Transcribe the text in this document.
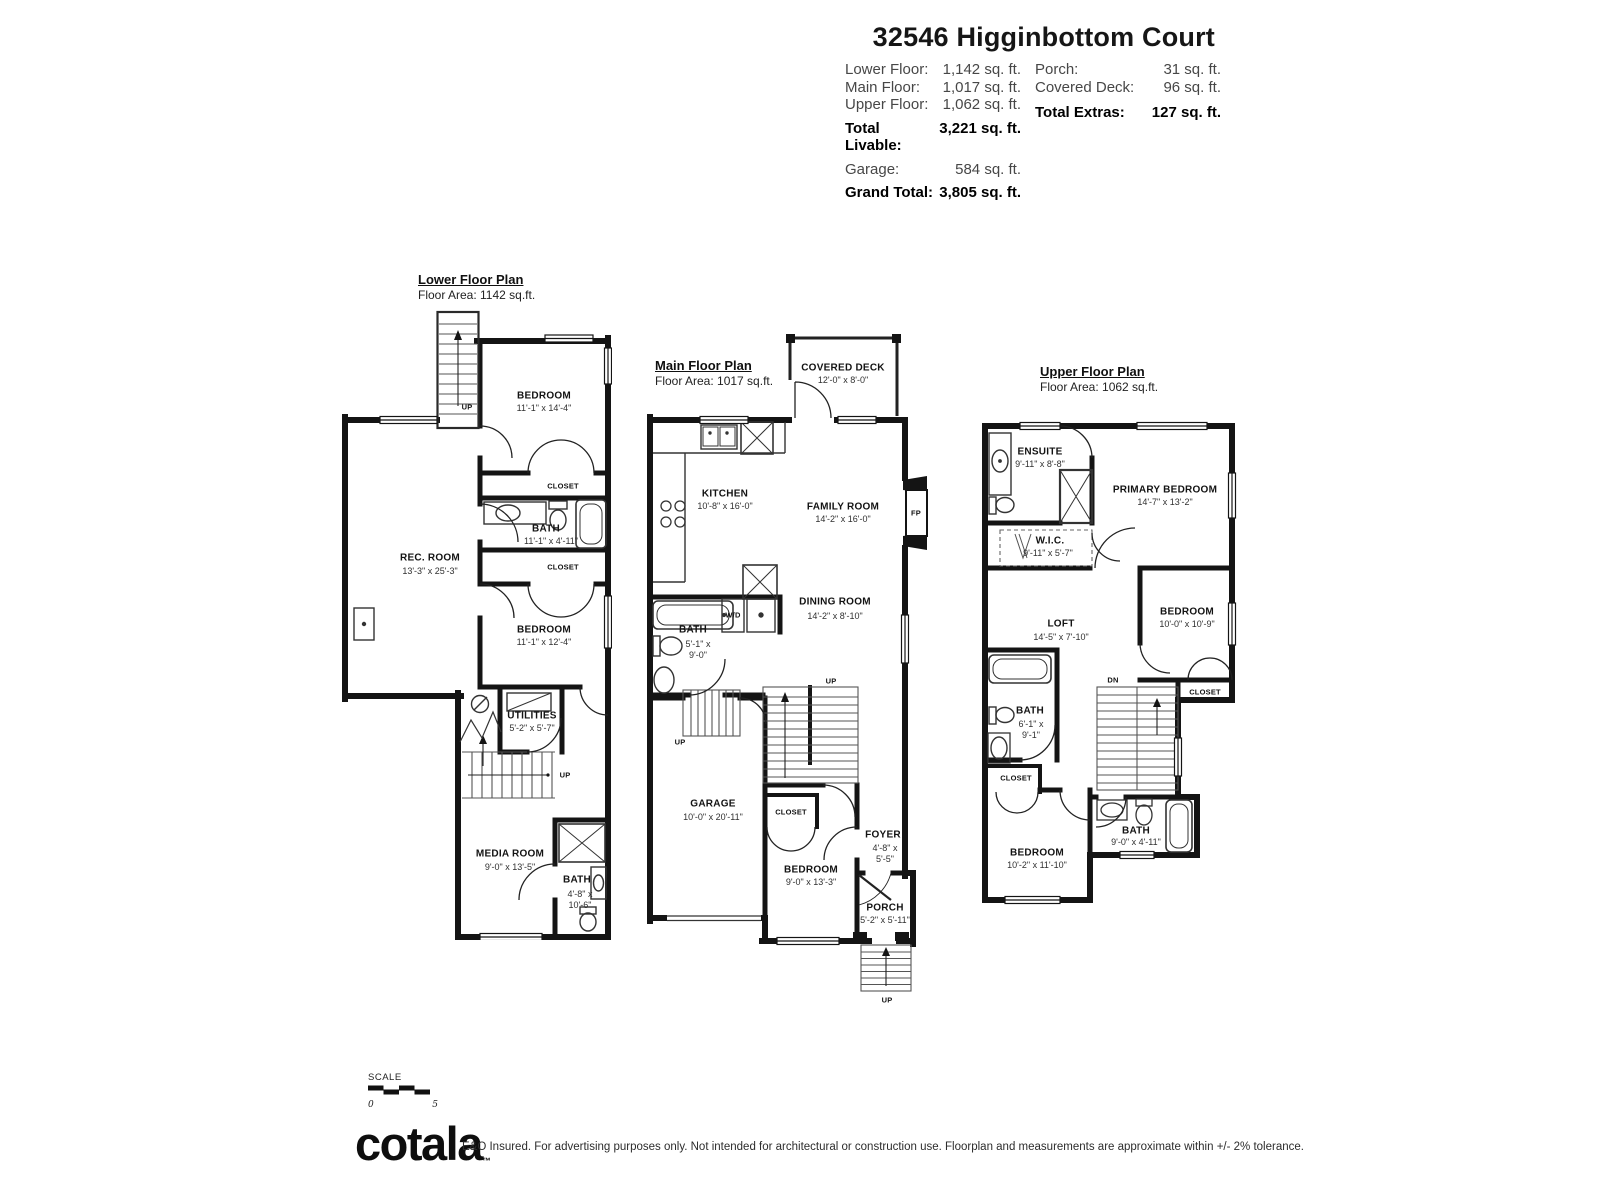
32546 Higginbottom Court
Lower Floor: 1,142 sq. ft.
Main Floor:	1,017 sq. ft.
Upper Floor: 1,062 sq. ft.
Total Livable:
3,221 sq. ft.
Garage:	584 sq. ft.
Grand Total: 3,805 sq. ft.
Porch:	31 sq. ft.
Covered Deck:	96 sq. ft.
Total Extras:	127 sq. ft.
Lower Floor Plan
Floor Area: 1142 sq.ft.
Main Floor Plan
Floor Area: 1017 sq.ft.
Upper Floor Plan
Floor Area: 1062 sq.ft.
BEDROOM
11'-1" x 14'-4"
CLOSET
BATH
11'-1" x 4'-11"
CLOSET
REC. ROOM
13'-3" x 25'-3"
BEDROOM
11'-1" x 12'-4"
UTILITIES
5'-2" x 5'-7"
MEDIA ROOM
9'-0" x 13'-5"
BATH
4'-8" x 10'-6"
UP
UP
COVERED DECK
12'-0" x 8'-0"
KITCHEN
10'-8" x 16'-0"	FAMILY ROOM
14'-2" x 16'-0"
DINING ROOM
14'-2" x 8'-10"
BATH
5'-1" x 9'-0"
GARAGE
10'-0" x 20'-11"
BEDROOM
9'-0" x 13'-3"
FOYER
4'-8" x 5'-5"
PORCH
5'-2" x 5'-11"
W/D
FP
CLOSET
UP
UP
UP
ENSUITE
9'-11" x 8'-8"
PRIMARY BEDROOM
14'-7" x 13'-2"
W.I.C.
9'-11" x 5'-7"
LOFT
14'-5" x 7'-10"
BEDROOM
10'-0" x 10'-9"
BATH
6'-1" x 9'-1"
BEDROOM
10'-2" x 11'-10"
BATH
9'-0" x 4'-11"
CLOSET
CLOSET
DN
SCALE
0	5
cotala™
E&O Insured. For advertising purposes only. Not intended for architectural or construction use. Floorplan and measurements are approximate within +/- 2% tolerance.
